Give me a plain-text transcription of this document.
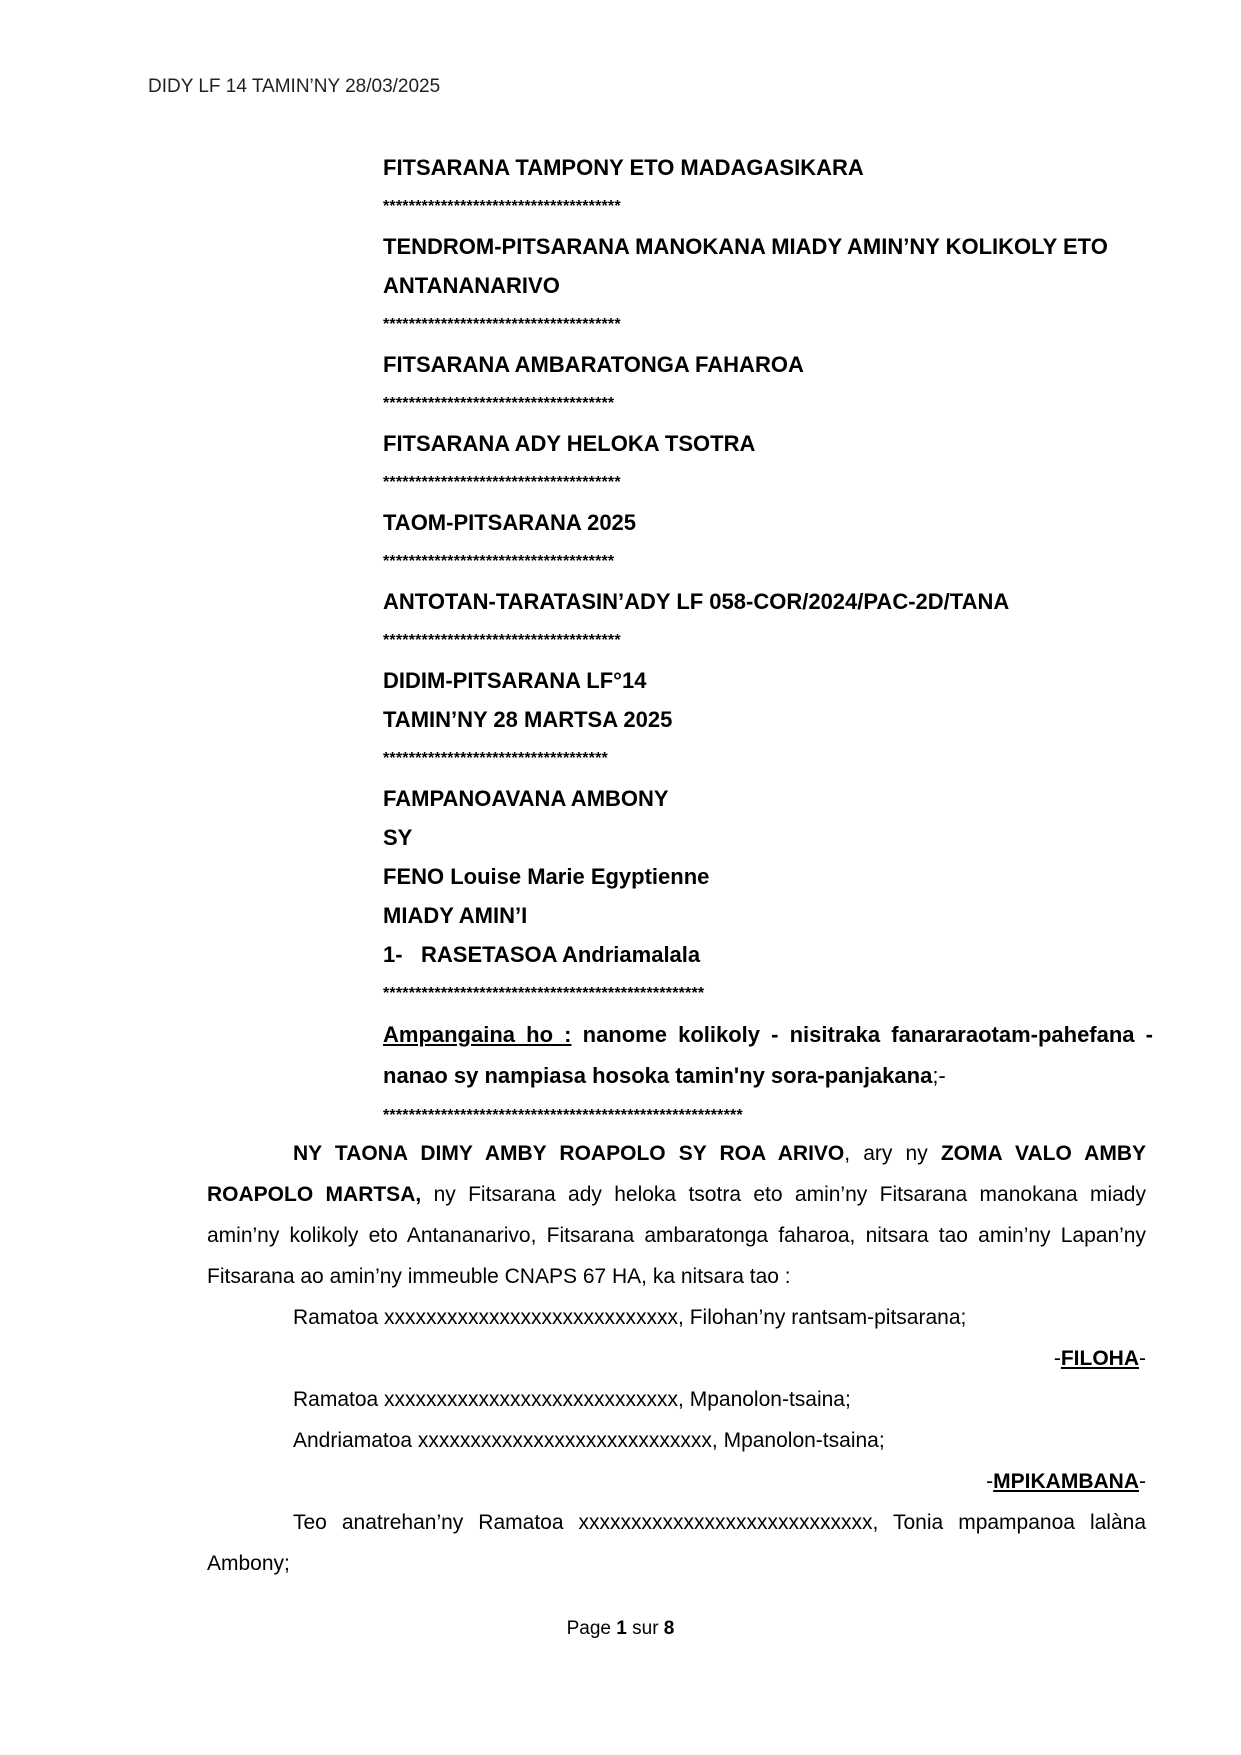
DIDY LF 14 TAMIN’NY 28/03/2025
FITSARANA TAMPONY ETO MADAGASIKARA
*************************************
TENDROM-PITSARANA MANOKANA MIADY AMIN’NY KOLIKOLY ETO
ANTANANARIVO
*************************************
FITSARANA AMBARATONGA FAHAROA
************************************
FITSARANA ADY HELOKA TSOTRA
*************************************
TAOM-PITSARANA 2025
************************************
ANTOTAN-TARATASIN’ADY LF 058-COR/2024/PAC-2D/TANA
*************************************
DIDIM-PITSARANA LF°14
TAMIN’NY 28 MARTSA 2025
***********************************
FAMPANOAVANA AMBONY
SY
FENO Louise Marie Egyptienne
MIADY AMIN’I
1- RASETASOA Andriamalala
**************************************************
Ampangaina ho : nanome kolikoly - nisitraka fanararaotam-pahefana - nanao sy nampiasa hosoka tamin'ny sora-panjakana;-
********************************************************

NY TAONA DIMY AMBY ROAPOLO SY ROA ARIVO, ary ny ZOMA VALO AMBY ROAPOLO MARTSA, ny Fitsarana ady heloka tsotra eto amin’ny Fitsarana manokana miady amin’ny kolikoly eto Antananarivo, Fitsarana ambaratonga faharoa, nitsara tao amin’ny Lapan’ny Fitsarana ao amin’ny immeuble CNAPS 67 HA, ka nitsara tao :

Ramatoa xxxxxxxxxxxxxxxxxxxxxxxxxxxx, Filohan’ny rantsam-pitsarana;

-FILOHA-

Ramatoa xxxxxxxxxxxxxxxxxxxxxxxxxxxx, Mpanolon-tsaina;

Andriamatoa xxxxxxxxxxxxxxxxxxxxxxxxxxxx, Mpanolon-tsaina;

-MPIKAMBANA-

Teo anatrehan’ny Ramatoa xxxxxxxxxxxxxxxxxxxxxxxxxxxx, Tonia mpampanoa lalàna Ambony;

Page 1 sur 8
